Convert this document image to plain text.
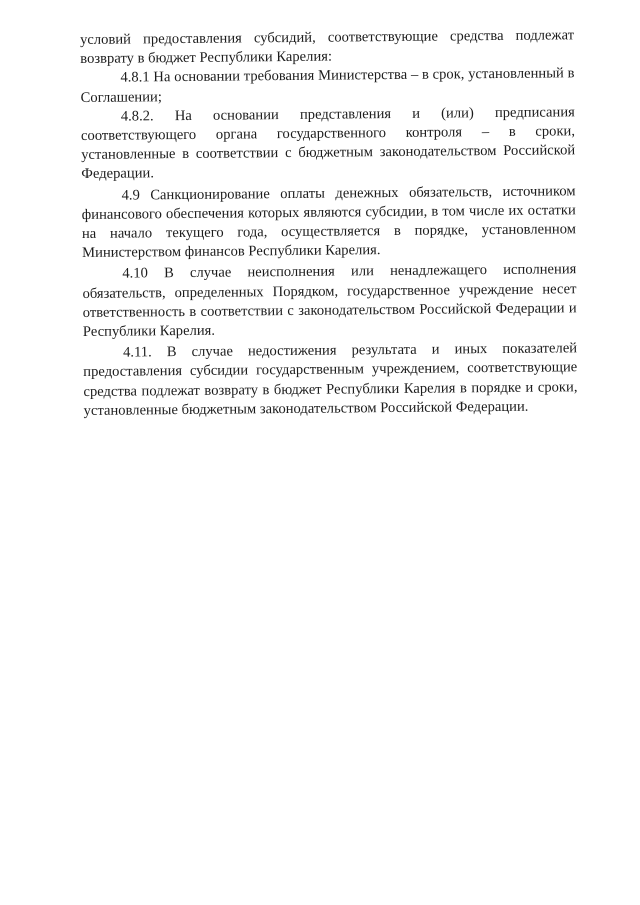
условий предоставления субсидий, соответствующие средства подлежат возврату в бюджет Республики Карелия:

4.8.1 На основании требования Министерства – в срок, установленный в Соглашении;

4.8.2. На основании представления и (или) предписания соответствующего органа государственного контроля – в сроки, установленные в соответствии с бюджетным законодательством Российской Федерации.

4.9 Санкционирование оплаты денежных обязательств, источником финансового обеспечения которых являются субсидии, в том числе их остатки на начало текущего года, осуществляется в порядке, установленном Министерством финансов Республики Карелия.

4.10 В случае неисполнения или ненадлежащего исполнения обязательств, определенных Порядком, государственное учреждение несет ответственность в соответствии с законодательством Российской Федерации и Республики Карелия.

4.11. В случае недостижения результата и иных показателей предоставления субсидии государственным учреждением, соответствующие средства подлежат возврату в бюджет Республики Карелия в порядке и сроки, установленные бюджетным законодательством Российской Федерации.
